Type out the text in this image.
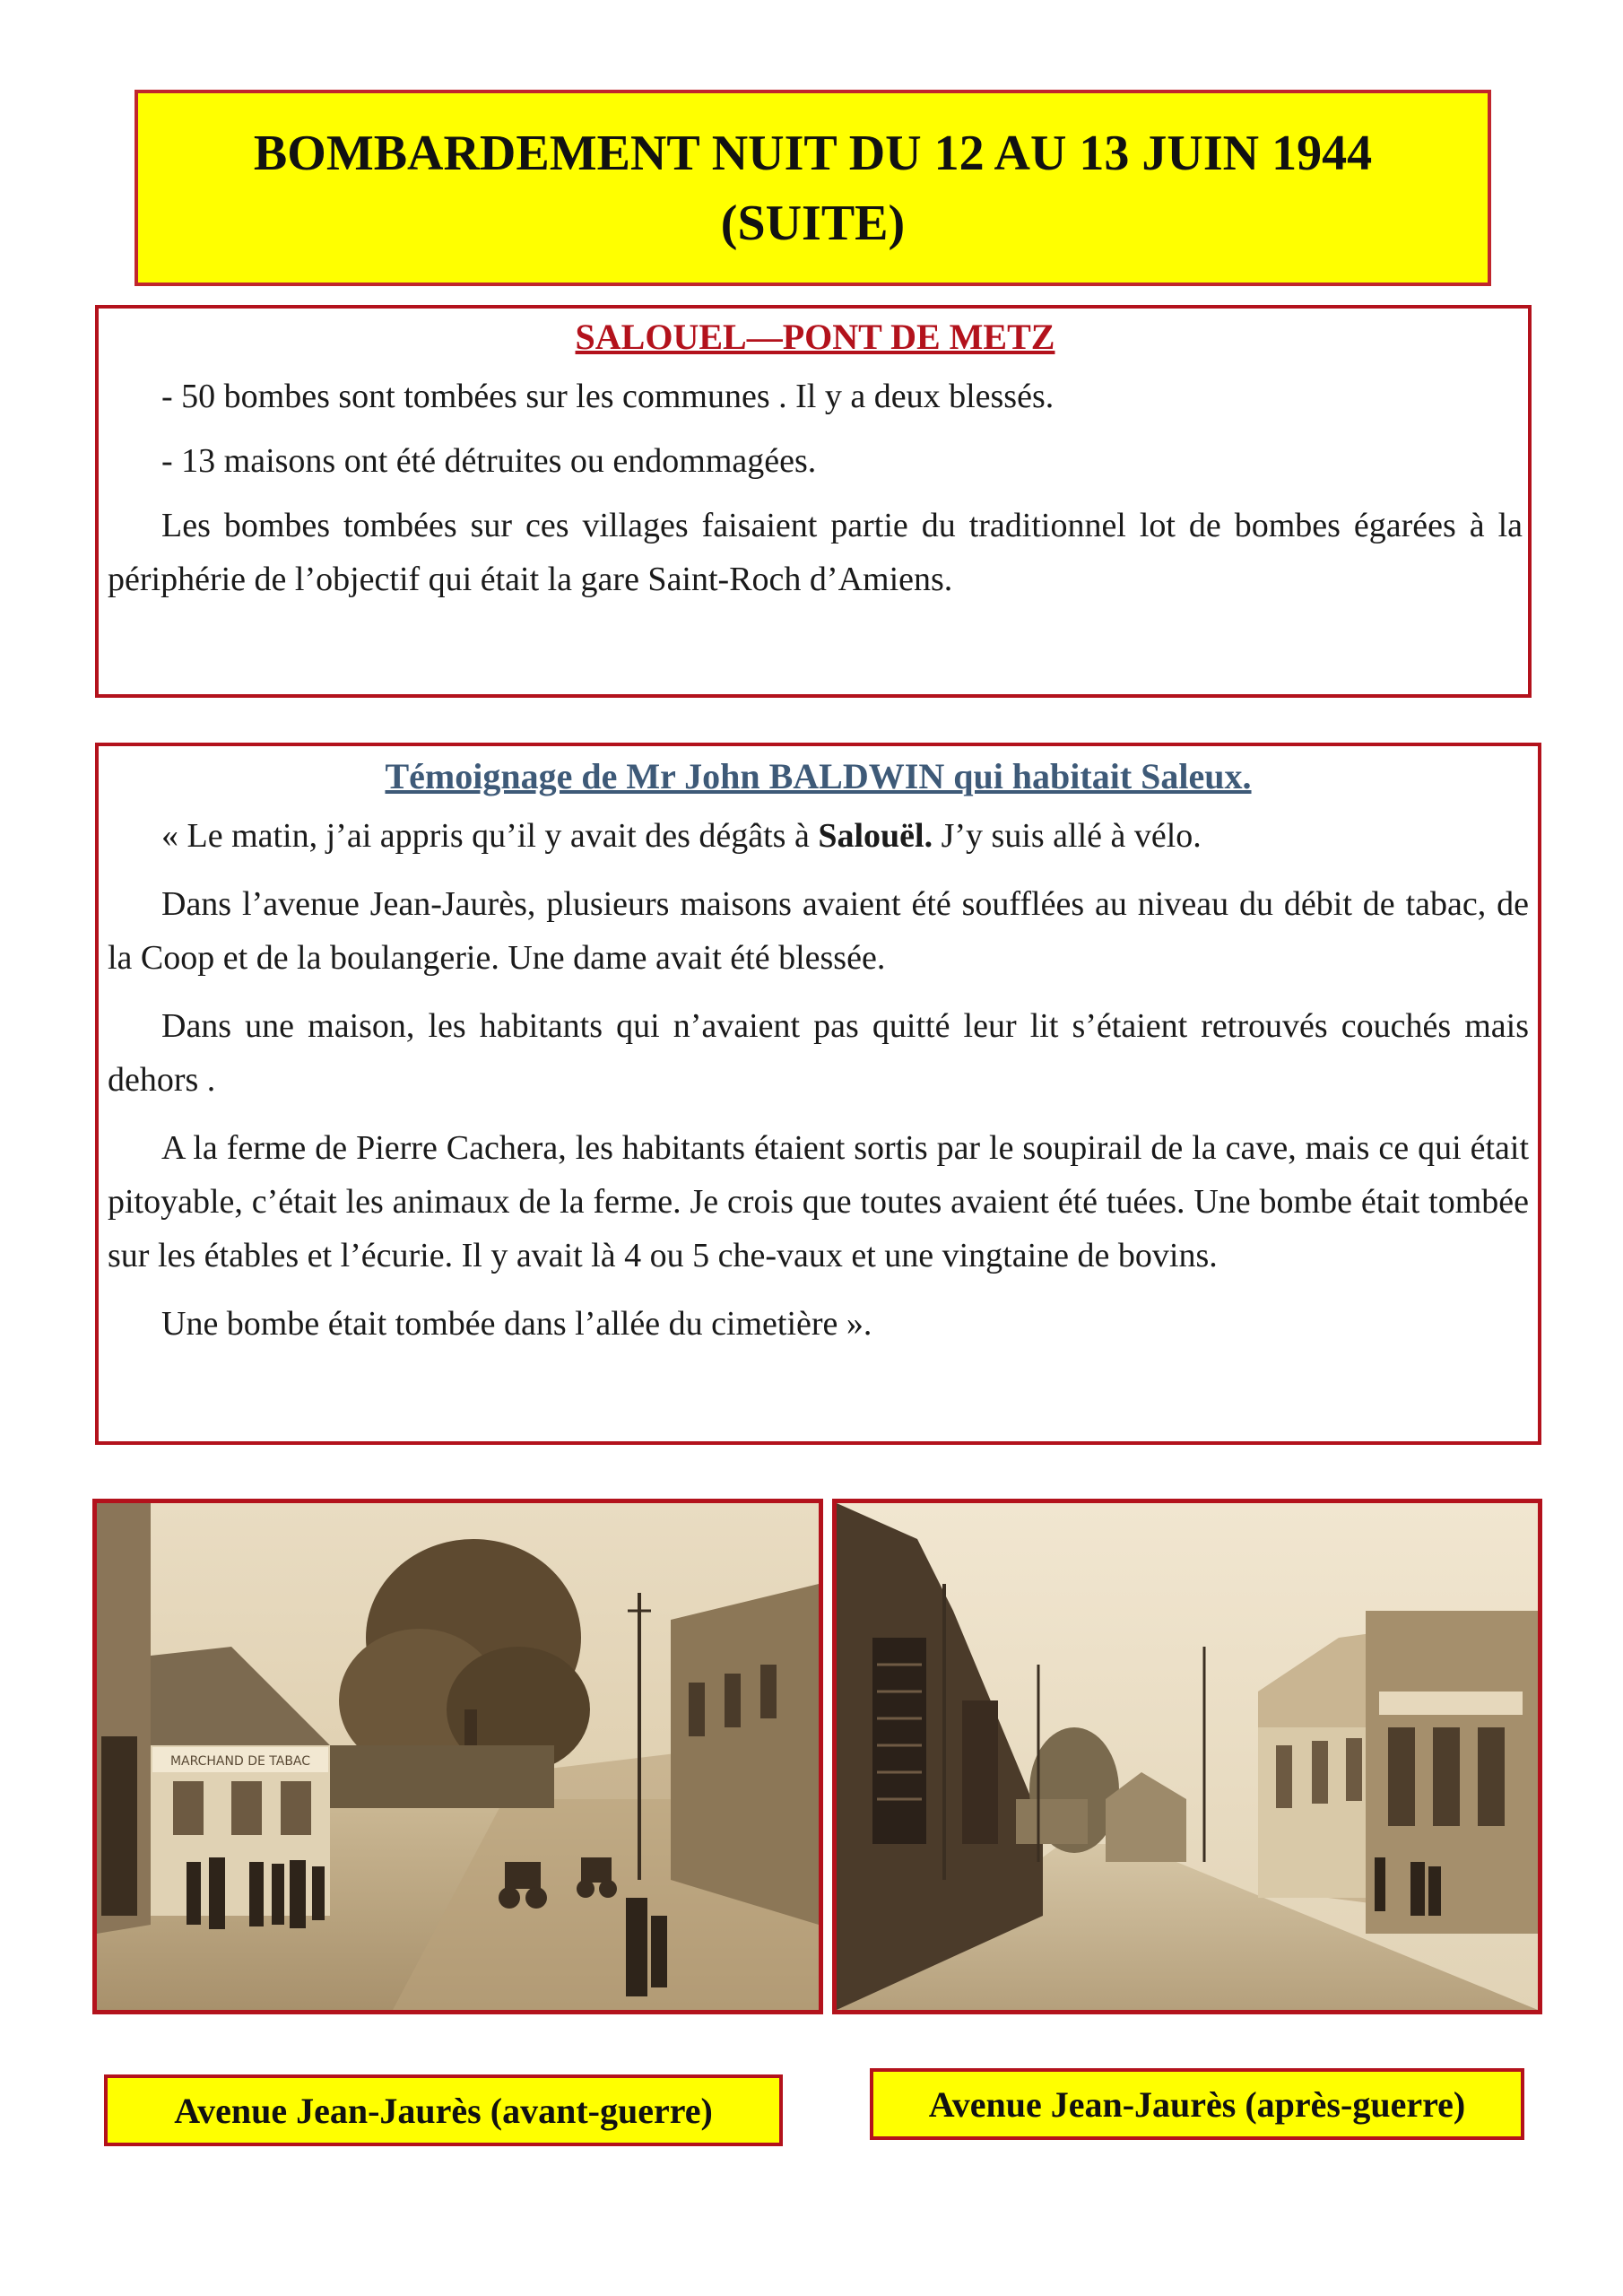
BOMBARDEMENT NUIT DU 12 AU 13 JUIN 1944
(SUITE)
SALOUEL—PONT DE METZ

- 50 bombes sont tombées sur les communes . Il y a deux blessés.

- 13 maisons ont été détruites ou endommagées.

Les bombes tombées sur ces villages faisaient partie du traditionnel lot de bombes égarées à la périphérie de l’objectif qui était la gare Saint-Roch d’Amiens.

Témoignage de Mr John BALDWIN qui habitait Saleux.

« Le matin, j’ai appris qu’il y avait des dégâts à Salouël. J’y suis allé à vélo.

Dans l’avenue Jean-Jaurès, plusieurs maisons avaient été soufflées au niveau du débit de tabac, de la Coop et de la boulangerie. Une dame avait été blessée.

Dans une maison, les habitants qui n’avaient pas quitté leur lit s’étaient retrouvés couchés mais dehors .

A la ferme de Pierre Cachera, les habitants étaient sortis par le soupirail de la cave, mais ce qui était pitoyable, c’était les animaux de la ferme. Je crois que toutes avaient été tuées. Une bombe était tombée sur les étables et l’écurie. Il y avait là 4 ou 5 che-vaux et une vingtaine de bovins.

Une bombe était tombée dans l’allée du cimetière ».

MARCHAND DE TABAC
Avenue Jean-Jaurès (avant-guerre)	Avenue Jean-Jaurès (après-guerre)
